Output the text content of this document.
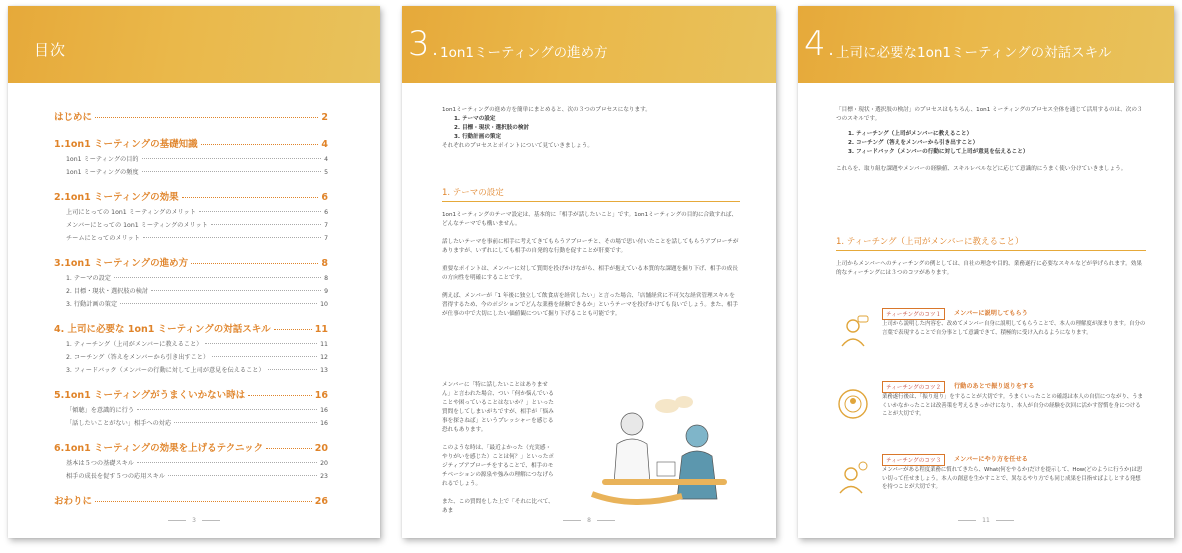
目次
はじめに	2
1.1on1 ミーティングの基礎知識	4
1on1 ミーティングの目的	4
1on1 ミーティングの頻度	5
2.1on1 ミーティングの効果	6
上司にとっての 1on1 ミーティングのメリット	6
メンバーにとっての 1on1 ミーティングのメリット	7
チームにとってのメリット	7
3.1on1 ミーティングの進め方	8
1. テーマの設定	8
2. 目標・現状・選択肢の検討	9
3. 行動計画の策定	10
4. 上司に必要な 1on1 ミーティングの対話スキル	11
1. ティーチング（上司がメンバーに教えること）	11
2. コーチング（答えをメンバーから引き出すこと）	12
3. フィードバック（メンバーの行動に対して上司が意見を伝えること）	13
5.1on1 ミーティングがうまくいかない時は	16
「傾聴」を意識的に行う	16
「話したいことがない」相手への対応	16
6.1on1 ミーティングの効果を上げるテクニック	20
基本は５つの基礎スキル	20
相手の成長を促す５つの応用スキル	23
おわりに	26
3
3. 1on1ミーティングの進め方
1on1ミーティングの進め方を簡単にまとめると、次の３つのプロセスになります。
1. テーマの設定
2. 目標・現状・選択肢の検討
3. 行動計画の策定
それぞれのプロセスとポイントについて見ていきましょう。
1. テーマの設定

1on1ミーティングのテーマ設定は、基本的に「相手が話したいこと」です。1on1ミーティングの目的に合致すれば、どんなテーマでも構いません。

話したいテーマを事前に相手に考えてきてもらうアプローチと、その場で思い付いたことを話してもらうアプローチがありますが、いずれにしても相手の自発的な行動を促すことが肝要です。

重要なポイントは、メンバーに対して質問を投げかけながら、相手が抱えている本質的な課題を掘り下げ、相手の成長の方向性を明確にすることです。

例えば、メンバーが「1 年後に独立して飲食店を経営したい」と言った場合、「店舗経営に不可欠な経営管理スキルを習得するため、今のポジションでどんな業務を経験できるか」というテーマを投げかけても良いでしょう。また、相手が仕事の中で大切にしたい価値観について掘り下げることも可能です。

メンバーに「特に話したいことはありません」と言われた場合、つい「何か悩んでいることや困っていることはないか？」といった質問をしてしまいがちですが、相手が「悩み事を探さねば」というプレッシャーを感じる恐れもあります。

このような時は、「最近よかった（充実感・やりがいを感じた）ことは何？」といったポジティブアプローチをすることで、相手のモチベーションの源泉や強みの理解につなげられるでしょう。

また、この質問をした上で「それに比べて、あま

8
4. 上司に必要な1on1ミーティングの対話スキル
「目標・現状・選択肢の検討」のプロセスはもちろん、1on1 ミーティングのプロセス全体を通じて活用するのは、次の３つのスキルです。
1. ティーチング（上司がメンバーに教えること）
2. コーチング（答えをメンバーから引き出すこと）
3. フィードバック（メンバーの行動に対して上司が意見を伝えること）
これらを、取り組む課題やメンバーの経験値、スキルレベルなどに応じて意識的にうまく使い分けていきましょう。
1. ティーチング（上司がメンバーに教えること）

上司からメンバーへのティーチングの例としては、自社の理念や目的、業務遂行に必要なスキルなどが挙げられます。効果的なティーチングには３つのコツがあります。

ティーチングのコツ１	メンバーに説明してもらう
上司から説明した内容を、改めてメンバー自身に説明してもらうことで、本人の理解度が深まります。自分の言葉で表現することで自分事として意識できて、積極的に受け入れるようになります。
ティーチングのコツ２	行動のあとで振り返りをする
業務遂行後は、「振り返り」をすることが大切です。うまくいったことの確認は本人の自信につながり、うまくいかなかったことは改善策を考えるきっかけになり、本人が自分の経験を次回に活かす習慣を身につけることが大切です。
ティーチングのコツ３	メンバーにやり方を任せる
メンバーがある程度業務に慣れてきたら、What(何をやるか)だけを提示して、How(どのように行うか)は思い切って任せましょう。本人の創意を生かすことで、異なるやり方でも同じ成果を目指せばよしとする発想を持つことが大切です。
11
